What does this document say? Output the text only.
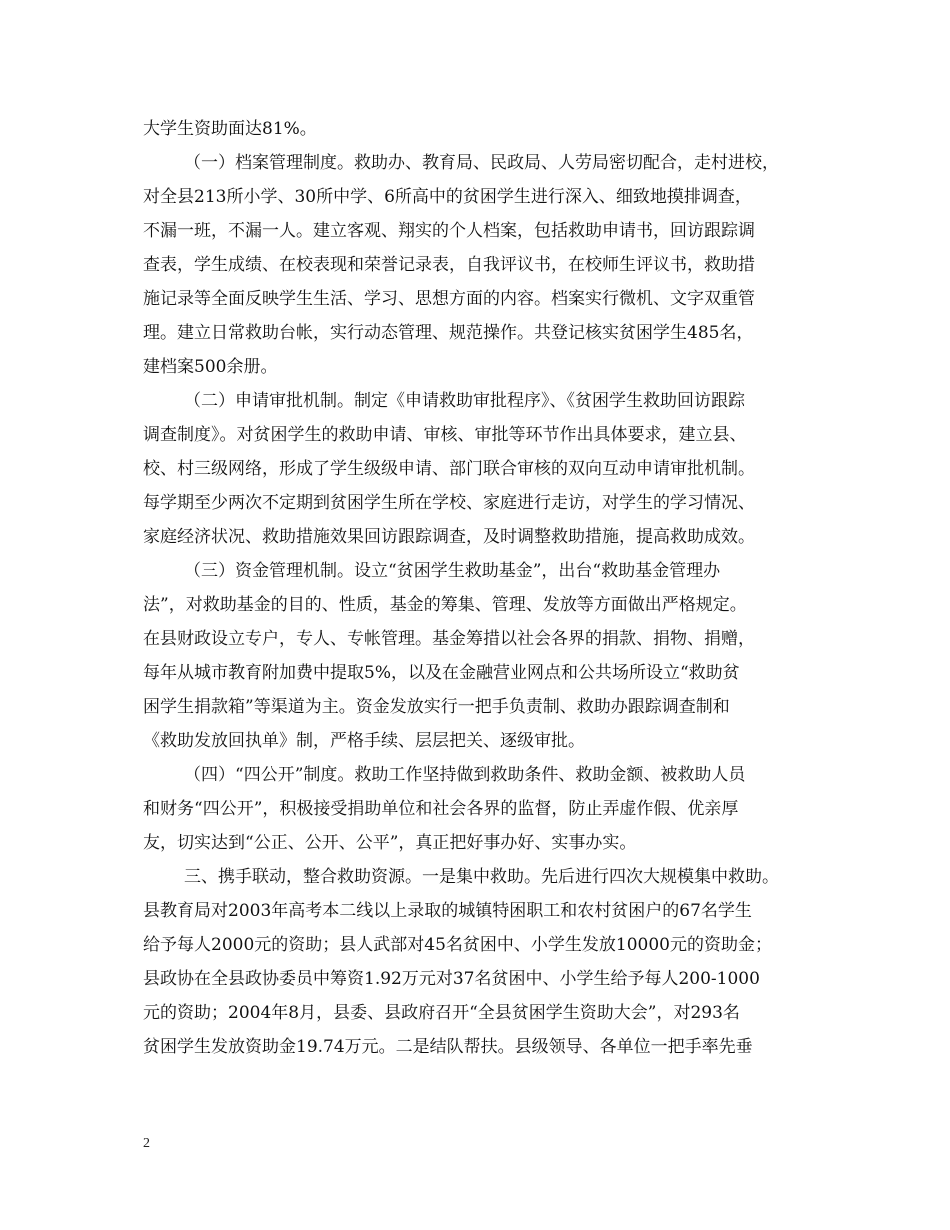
大学生资助面达81%。
（一）档案管理制度。救助办、教育局、民政局、人劳局密切配合，走村进校，
对全县213所小学、30所中学、6所高中的贫困学生进行深入、细致地摸排调查，
不漏一班，不漏一人。建立客观、翔实的个人档案，包括救助申请书，回访跟踪调
查表，学生成绩、在校表现和荣誉记录表，自我评议书，在校师生评议书，救助措
施记录等全面反映学生生活、学习、思想方面的内容。档案实行微机、文字双重管
理。建立日常救助台帐，实行动态管理、规范操作。共登记核实贫困学生485名，
建档案500余册。
（二）申请审批机制。制定《申请救助审批程序》、《贫困学生救助回访跟踪
调查制度》。对贫困学生的救助申请、审核、审批等环节作出具体要求，建立县、
校、村三级网络，形成了学生级级申请、部门联合审核的双向互动申请审批机制。
每学期至少两次不定期到贫困学生所在学校、家庭进行走访，对学生的学习情况、
家庭经济状况、救助措施效果回访跟踪调查，及时调整救助措施，提高救助成效。
（三）资金管理机制。设立“贫困学生救助基金”，出台“救助基金管理办
法”，对救助基金的目的、性质，基金的筹集、管理、发放等方面做出严格规定。
在县财政设立专户，专人、专帐管理。基金筹措以社会各界的捐款、捐物、捐赠，
每年从城市教育附加费中提取5%，以及在金融营业网点和公共场所设立“救助贫
困学生捐款箱”等渠道为主。资金发放实行一把手负责制、救助办跟踪调查制和
《救助发放回执单》制，严格手续、层层把关、逐级审批。
（四）“四公开”制度。救助工作坚持做到救助条件、救助金额、被救助人员
和财务“四公开”，积极接受捐助单位和社会各界的监督，防止弄虚作假、优亲厚
友，切实达到“公正、公开、公平”，真正把好事办好、实事办实。
三、携手联动，整合救助资源。一是集中救助。先后进行四次大规模集中救助。
县教育局对2003年高考本二线以上录取的城镇特困职工和农村贫困户的67名学生
给予每人2000元的资助；县人武部对45名贫困中、小学生发放10000元的资助金；
县政协在全县政协委员中筹资1.92万元对37名贫困中、小学生给予每人200-1000
元的资助；2004年8月，县委、县政府召开“全县贫困学生资助大会”，对293名
贫困学生发放资助金19.74万元。二是结队帮扶。县级领导、各单位一把手率先垂
2
